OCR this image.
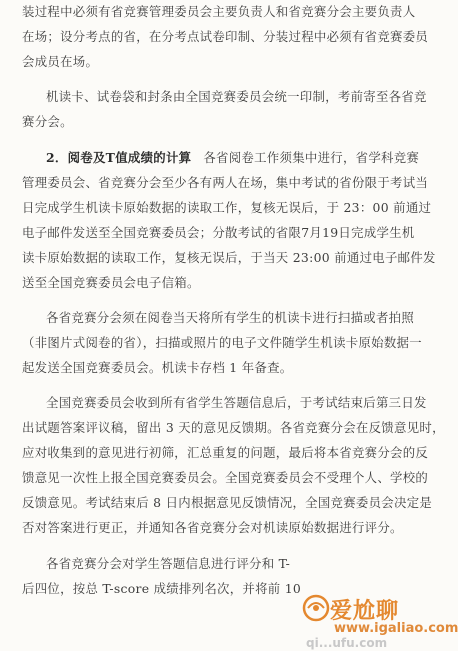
装过程中必须有省竞赛管理委员会主要负责人和省竞赛分会主要负责人
在场；设分考点的省，在分考点试卷印制、分装过程中必须有省竞赛委员
会成员在场。
机读卡、试卷袋和封条由全国竞赛委员会统一印制，考前寄至各省竞
赛分会。
2．阅卷及T值成绩的计算 各省阅卷工作须集中进行，省学科竞赛
管理委员会、省竞赛分会至少各有两人在场，集中考试的省份限于考试当
日完成学生机读卡原始数据的读取工作，复核无误后，于 23：00 前通过
电子邮件发送至全国竞赛委员会；分散考试的省限7月19日完成学生机
读卡原始数据的读取工作，复核无误后，于当天 23:00 前通过电子邮件发
送至全国竞赛委员会电子信箱。
各省竞赛分会须在阅卷当天将所有学生的机读卡进行扫描或者拍照
（非图片式阅卷的省），扫描或照片的电子文件随学生机读卡原始数据一
起发送全国竞赛委员会。机读卡存档 1 年备查。
全国竞赛委员会收到所有省学生答题信息后，于考试结束后第三日发
出试题答案评议稿，留出 3 天的意见反馈期。各省竞赛分会在反馈意见时，
应对收集到的意见进行初筛，汇总重复的问题，最后将本省竞赛分会的反
馈意见一次性上报全国竞赛委员会。全国竞赛委员会不受理个人、学校的
反馈意见。考试结束后 8 日内根据意见反馈情况，全国竞赛委员会决定是
否对答案进行更正，并通知各省竞赛分会对机读原始数据进行评分。
各省竞赛分会对学生答题信息进行评分和 T-
后四位，按总 T-score 成绩排列名次，并将前 10
爱尬聊
www.igaliao.com
qi...ufu.com
